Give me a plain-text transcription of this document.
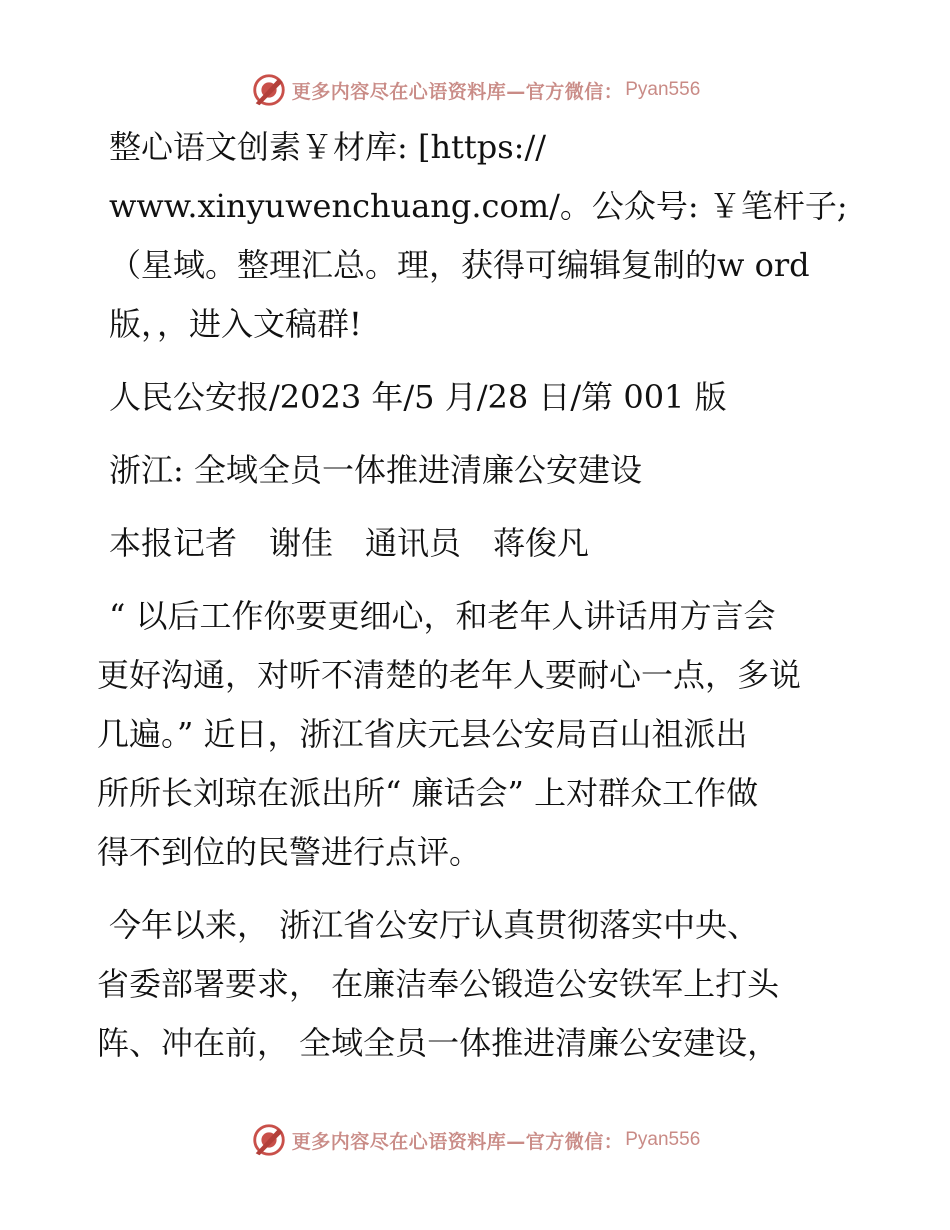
更多内容尽在心语资料库—官方微信： Pyan556

整心语文创素￥材库: [https://
www.xinyuwenchuang.com/。公众号: ￥笔杆子;
（星域。整理汇总。理，获得可编辑复制的w ord
版，，进入文稿群!

人民公安报/2023 年/5 月/28 日/第 001 版

浙江: 全域全员一体推进清廉公安建设

本报记者　谢佳　通讯员　蒋俊凡

“ 以后工作你要更细心，和老年人讲话用方言会
更好沟通，对听不清楚的老年人要耐心一点，多说
几遍。” 近日，浙江省庆元县公安局百山祖派出
所所长刘琼在派出所“ 廉话会” 上对群众工作做
得不到位的民警进行点评。

今年以来， 浙江省公安厅认真贯彻落实中央、
省委部署要求， 在廉洁奉公锻造公安铁军上打头
阵、冲在前， 全域全员一体推进清廉公安建设，

更多内容尽在心语资料库—官方微信： Pyan556
